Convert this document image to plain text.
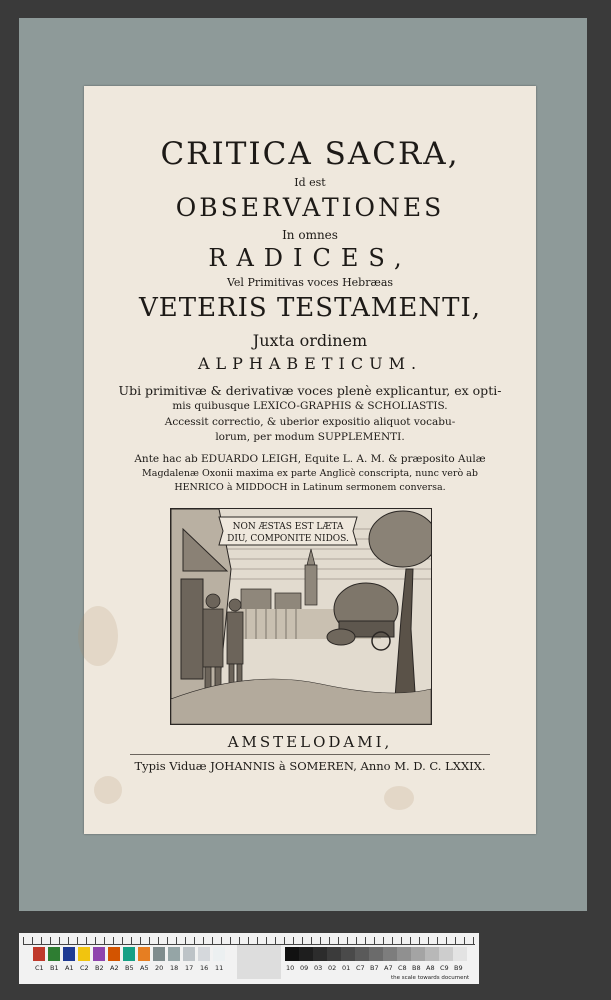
CRITICA SACRA,
Id est
OBSERVATIONES
In omnes
RADICES,
Vel Primitivas voces Hebræas
VETERIS TESTAMENTI,
Juxta ordinem
ALPHABETICUM.
Ubi primitivæ & derivativæ voces plenè explicantur, ex opti-
mis quibusque LEXICO-GRAPHIS & SCHOLIASTIS.
Accessit correctio, & uberior expositio aliquot vocabu-
lorum, per modum SUPPLEMENTI.
Ante hac ab EDUARDO LEIGH, Equite L. A. M. & præposito Aulæ
Magdalenæ Oxonii maxima ex parte Anglicè conscripta, nunc verò ab
HENRICO à MIDDOCH in Latinum sermonem conversa.
NON ÆSTAS EST LÆTA
DIU, COMPONITE NIDOS.
AMSTELODAMI,
Typis Viduæ JOHANNIS à SOMEREN, Anno M. D. C. LXXIX.
C1 B1 A1 C2 B2 A2 B5 A5 20 18 17 16 11	10 09 03 02 01 C7 B7 A7 C8 B8 A8 C9 B9
the scale towards document
